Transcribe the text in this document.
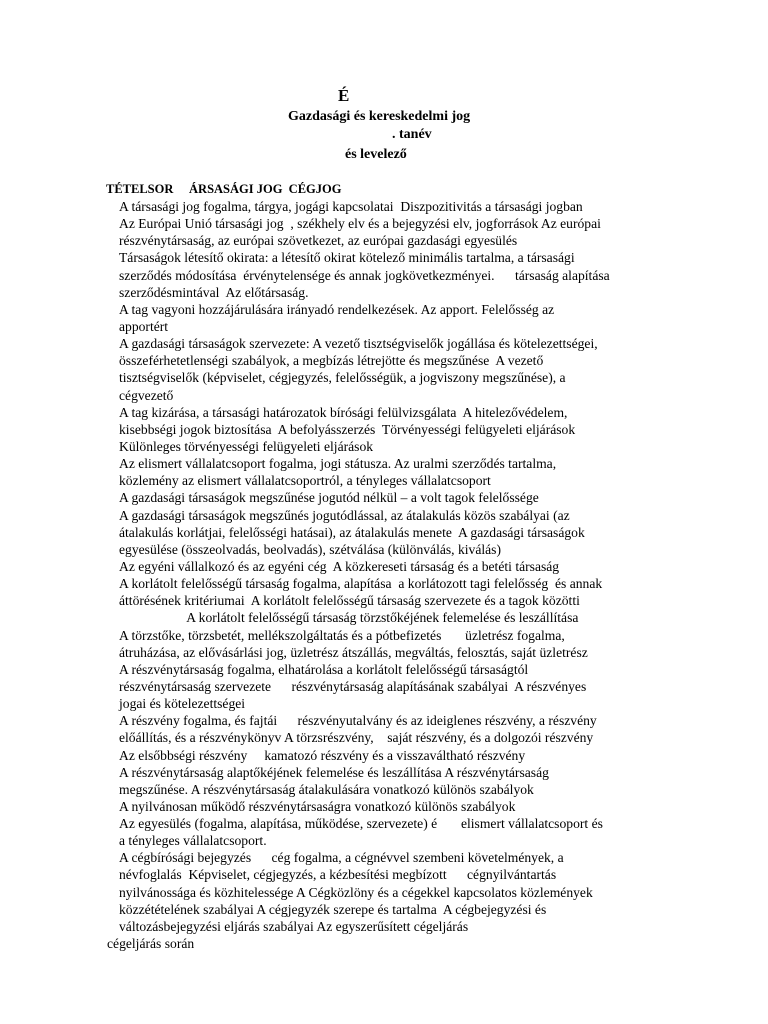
É
Gazdasági és kereskedelmi jog
. tanév
és levelező
TÉTELSOR     ÁRSASÁGI JOG  CÉGJOG
A társasági jog fogalma, tárgya, jogági kapcsolatai  Diszpozitivitás a társasági jogban
Az Európai Unió társasági jog  , székhely elv és a bejegyzési elv, jogforrások Az európai
részvénytársaság, az európai szövetkezet, az európai gazdasági egyesülés
Társaságok létesítő okirata: a létesítő okirat kötelező minimális tartalma, a társasági
szerződés módosítása  érvénytelensége és annak jogkövetkezményei.      társaság alapítása
szerződésmintával  Az előtársaság.
A tag vagyoni hozzájárulására irányadó rendelkezések. Az apport. Felelősség az
apportért
A gazdasági társaságok szervezete: A vezető tisztségviselők jogállása és kötelezettségei,
összeférhetetlenségi szabályok, a megbízás létrejötte és megszűnése  A vezető
tisztségviselők (képviselet, cégjegyzés, felelősségük, a jogviszony megszűnése), a
cégvezető
A tag kizárása, a társasági határozatok bírósági felülvizsgálata  A hitelezővédelem,
kisebbségi jogok biztosítása  A befolyásszerzés  Törvényességi felügyeleti eljárások
Különleges törvényességi felügyeleti eljárások
Az elismert vállalatcsoport fogalma, jogi státusza. Az uralmi szerződés tartalma,
közlemény az elismert vállalatcsoportról, a tényleges vállalatcsoport
A gazdasági társaságok megszűnése jogutód nélkül – a volt tagok felelőssége
A gazdasági társaságok megszűnés jogutódlással, az átalakulás közös szabályai (az
átalakulás korlátjai, felelősségi hatásai), az átalakulás menete  A gazdasági társaságok
egyesülése (összeolvadás, beolvadás), szétválása (különválás, kiválás)
Az egyéni vállalkozó és az egyéni cég  A közkereseti társaság és a betéti társaság
A korlátolt felelősségű társaság fogalma, alapítása  a korlátozott tagi felelősség  és annak
áttörésének kritériumai  A korlátolt felelősségű társaság szervezete és a tagok közötti
A korlátolt felelősségű társaság törzstőkéjének felemelése és leszállítása
A törzstőke, törzsbetét, mellékszolgáltatás és a pótbefizetés       üzletrész fogalma,
átruházása, az elővásárlási jog, üzletrész átszállás, megváltás, felosztás, saját üzletrész
A részvénytársaság fogalma, elhatárolása a korlátolt felelősségű társaságtól
részvénytársaság szervezete      részvénytársaság alapításának szabályai  A részvényes
jogai és kötelezettségei
A részvény fogalma, és fajtái      részvényutalvány és az ideiglenes részvény, a részvény
előállítás, és a részvénykönyv A törzsrészvény,    saját részvény, és a dolgozói részvény
Az elsőbbségi részvény     kamatozó részvény és a visszaváltható részvény
A részvénytársaság alaptőkéjének felemelése és leszállítása A részvénytársaság
megszűnése. A részvénytársaság átalakulására vonatkozó különös szabályok
A nyilvánosan működő részvénytársaságra vonatkozó különös szabályok
Az egyesülés (fogalma, alapítása, működése, szervezete) é       elismert vállalatcsoport és
a tényleges vállalatcsoport.
A cégbírósági bejegyzés      cég fogalma, a cégnévvel szembeni követelmények, a
névfoglalás  Képviselet, cégjegyzés, a kézbesítési megbízott      cégnyilvántartás
nyilvánossága és közhitelessége A Cégközlöny és a cégekkel kapcsolatos közlemények
közzétételének szabályai A cégjegyzék szerepe és tartalma  A cégbejegyzési és
változásbejegyzési eljárás szabályai Az egyszerűsített cégeljárás
cégeljárás során
